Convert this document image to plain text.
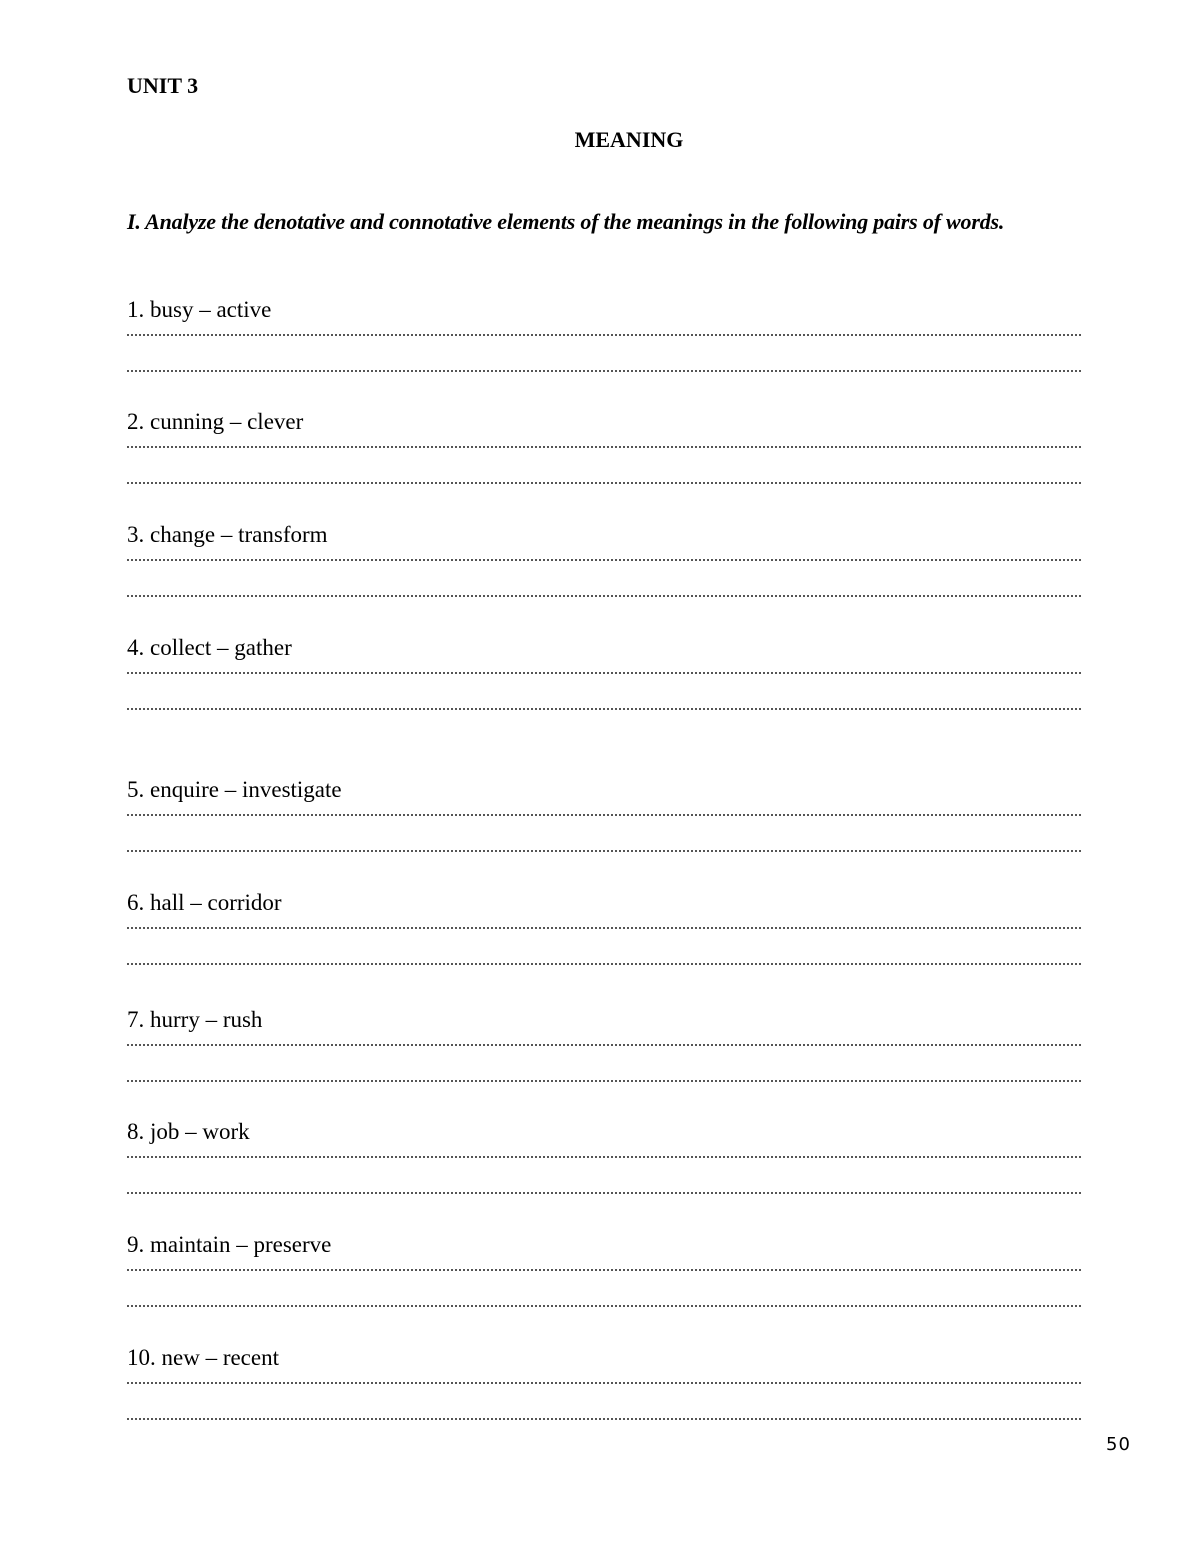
UNIT 3
MEANING

I. Analyze the denotative and connotative elements of the meanings in the following pairs of words.

1. busy – active

2. cunning – clever

3. change – transform

4. collect – gather

5. enquire – investigate

6. hall – corridor

7. hurry – rush

8. job – work

9. maintain – preserve

10. new – recent

50
